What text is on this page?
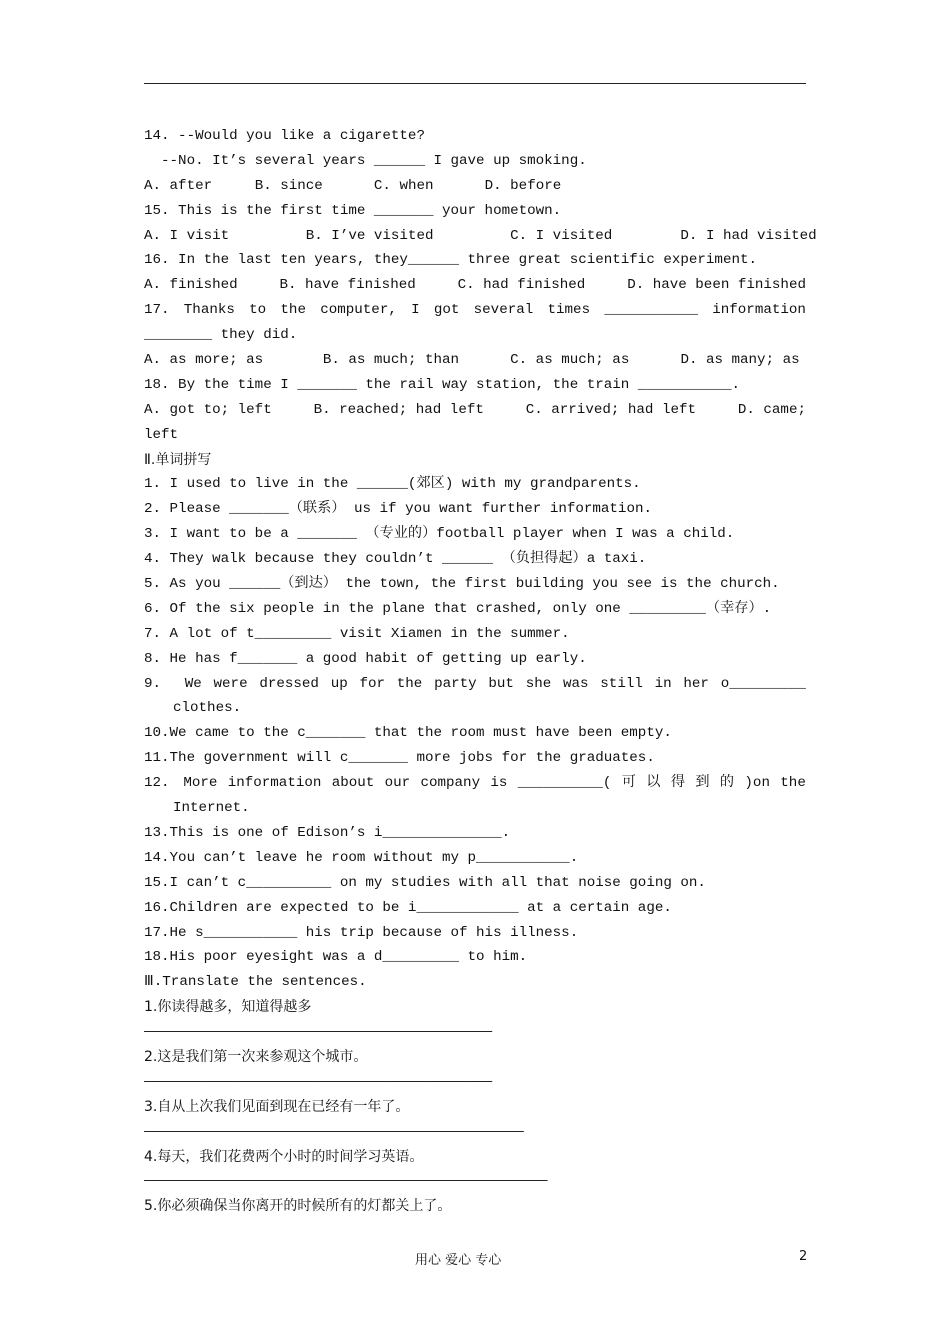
14. --Would you like a cigarette?
--No. It’s several years ______ I gave up smoking.
A. after	B. since	C. when	D. before
15. This is the first time _______ your hometown.
A. I visit	B. I’ve visited	C. I visited	D. I had visited
16. In the last ten years, they______ three great scientific experiment.
A. finished	B. have finished	C. had finished	D. have been finished
17. Thanks to the computer, I got several times ___________ information
________ they did.
A. as more; as	B. as much; than	C. as much; as	D. as many; as
18. By the time I _______ the rail way station, the train ___________.
A. got to; left	B. reached; had left	C. arrived; had left	D. came;
left
Ⅱ.单词拼写
1. I used to live in the ______(郊区) with my grandparents.
2. Please _______（联系） us if you want further information.
3. I want to be a _______ （专业的）football player when I was a child.
4. They walk because they couldn’t ______ （负担得起）a taxi.
5. As you ______（到达） the town, the first building you see is the church.
6. Of the six people in the plane that crashed, only one _________（幸存）.
7. A lot of t_________ visit Xiamen in the summer.
8. He has f_______ a good habit of getting up early.
9.	We were dressed up for the party but she was still in her o_________
clothes.
10.We came to the c_______ that the room must have been empty.
11.The government will c_______ more jobs for the graduates.
12. More information about our company is __________( 可 以 得 到 的 )on the
Internet.
13.This is one of Edison’s i______________.
14.You can’t leave he room without my p___________.
15.I can’t c__________ on my studies with all that noise going on.
16.Children are expected to be i____________ at a certain age.
17.He s___________ his trip because of his illness.
18.His poor eyesight was a d_________ to him.
Ⅲ.Translate the sentences.
1.你读得越多，知道得越多
————————————————————————————————————————————
2.这是我们第一次来参观这个城市。
————————————————————————————————————————————
3.自从上次我们见面到现在已经有一年了。
————————————————————————————————————————————————
4.每天，我们花费两个小时的时间学习英语。
———————————————————————————————————————————————————
5.你必须确保当你离开的时候所有的灯都关上了。
用心 爱心 专心	2
